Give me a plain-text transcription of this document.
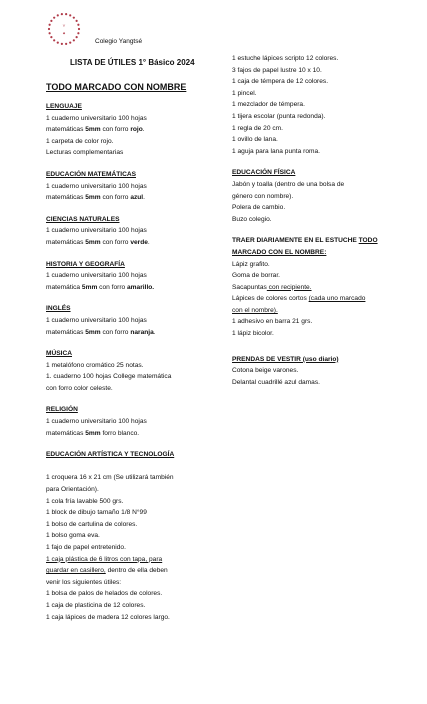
Y
◆
Colegio Yangtsé
LISTA DE ÚTILES 1° Básico 2024
TODO MARCADO CON NOMBRE
LENGUAJE
1 cuaderno universitario 100 hojas
matemáticas 5mm con forro rojo.
1 carpeta de color rojo.
Lecturas complementarias
EDUCACIÓN MATEMÁTICAS
1 cuaderno universitario 100 hojas
matemáticas 5mm con forro azul.
CIENCIAS NATURALES
1 cuaderno universitario 100 hojas
matemáticas 5mm con forro verde.
HISTORIA Y GEOGRAFÍA
1 cuaderno universitario 100 hojas
matemática 5mm con forro amarillo.
INGLÉS
1 cuaderno universitario 100 hojas
matemáticas 5mm con forro naranja.
MÚSICA
1 metalófono cromático 25 notas.
1. cuaderno 100 hojas College matemática
con forro color celeste.
RELIGIÓN
1 cuaderno universitario 100 hojas
matemáticas 5mm forro blanco.
EDUCACIÓN ARTÍSTICA Y TECNOLOGÍA
1 croquera 16 x 21 cm (Se utilizará también
para Orientación).
1 cola fría lavable 500 grs.
1 block de dibujo tamaño 1/8 N°99
1 bolso de cartulina de colores.
1 bolso goma eva.
1 fajo de papel entretenido.
1 caja plástica de 6 litros con tapa, para
guardar en casillero, dentro de ella deben
venir los siguientes útiles:
1 bolsa de palos de helados de colores.
1 caja de plasticina de 12 colores.
1 caja lápices de madera 12 colores largo.
1 estuche lápices scripto 12 colores.
3 fajos de papel lustre 10 x 10.
1 caja de témpera de 12 colores.
1 pincel.
1 mezclador de témpera.
1 tijera escolar (punta redonda).
1 regla de 20 cm.
1 ovillo de lana.
1 aguja para lana punta roma.
EDUCACIÓN FÍSICA
Jabón y toalla (dentro de una bolsa de
género con nombre).
Polera de cambio.
Buzo colegio.
TRAER DIARIAMENTE EN EL ESTUCHE TODO
MARCADO CON EL NOMBRE:
Lápiz grafito.
Goma de borrar.
Sacapuntas con recipiente.
Lápices de colores cortos (cada uno marcado
con el nombre).
1 adhesivo en barra 21 grs.
1 lápiz bicolor.
PRENDAS DE VESTIR (uso diario)
Cotona beige varones.
Delantal cuadrillé azul damas.
